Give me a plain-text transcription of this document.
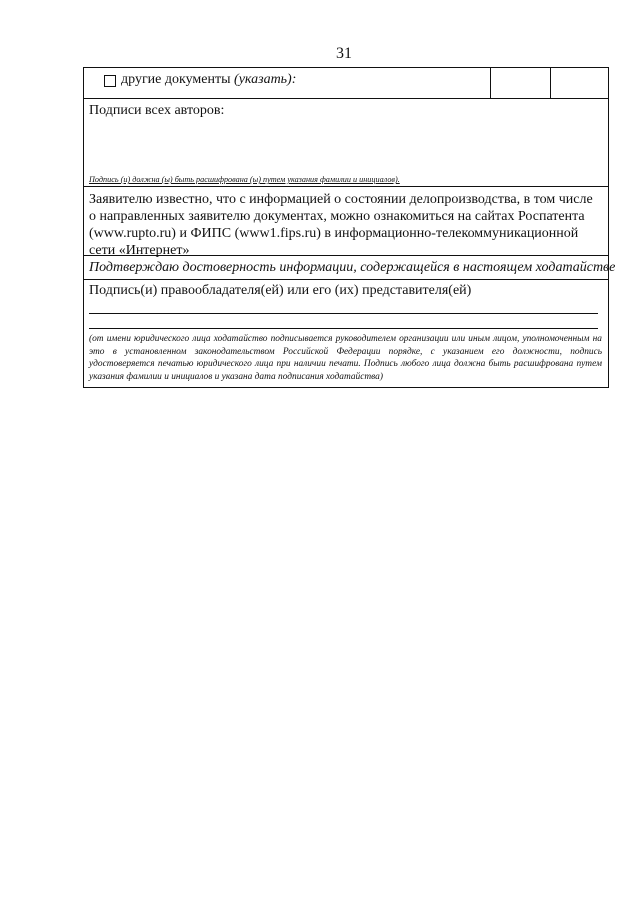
31
другие документы (указать):
Подписи всех авторов:
Подпись (и) должна (ы) быть расшифрована (ы) путем указания фамилии и инициалов).
Заявителю известно, что с информацией о состоянии делопроизводства, в том числе о направленных заявителю документах, можно ознакомиться на сайтах Роспатента (www.rupto.ru) и ФИПС (www1.fips.ru) в информационно-телекоммуникационной сети «Интернет»
Подтверждаю достоверность информации, содержащейся в настоящем ходатайстве
Подпись(и) правообладателя(ей) или его (их) представителя(ей)
(от имени юридического лица ходатайство подписывается руководителем организации или иным лицом, уполномоченным на это в установленном законодательством Российской Федерации порядке, с указанием его должности, подпись удостоверяется печатью юридического лица при наличии печати. Подпись любого лица должна быть расшифрована путем указания фамилии и инициалов и указана дата подписания ходатайства)
